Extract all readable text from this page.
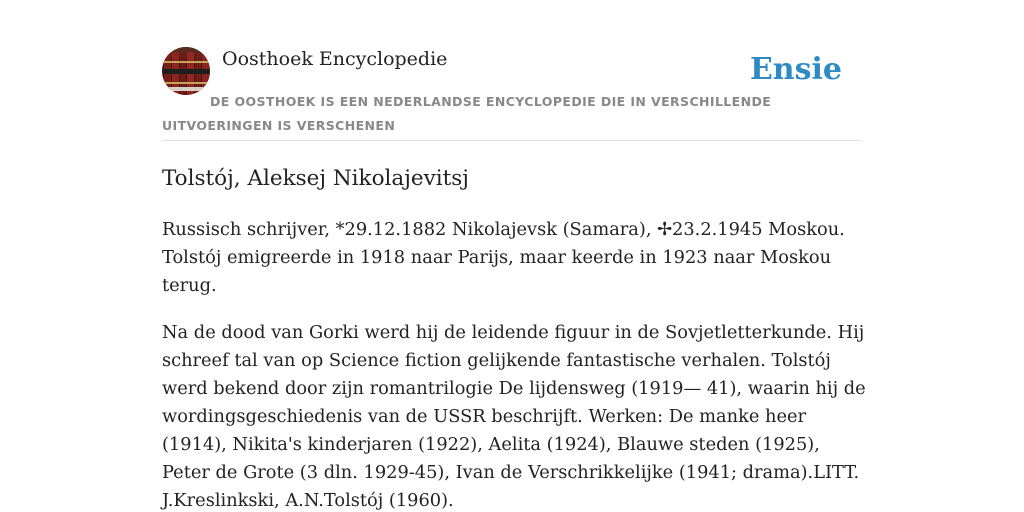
Oosthoek Encyclopedie	Ensie
DE OOSTHOEK IS EEN NEDERLANDSE ENCYCLOPEDIE DIE IN VERSCHILLENDE UITVOERINGEN IS VERSCHENEN
Tolstój, Aleksej Nikolajevitsj

Russisch schrijver, *29.12.1882 Nikolajevsk (Samara), ✢23.2.1945 Moskou. Tolstój emigreerde in 1918 naar Parijs, maar keerde in 1923 naar Moskou terug.

Na de dood van Gorki werd hij de leidende figuur in de Sovjetletterkunde. Hij schreef tal van op Science fiction gelijkende fantastische verhalen. Tolstój werd bekend door zijn romantrilogie De lijdensweg (1919— 41), waarin hij de wordingsgeschiedenis van de USSR beschrijft. Werken: De manke heer (1914), Nikita's kinderjaren (1922), Aelita (1924), Blauwe steden (1925), Peter de Grote (3 dln. 1929-45), Ivan de Verschrikkelijke (1941; drama).LITT. J.Kreslinkski, A.N.Tolstój (1960).
